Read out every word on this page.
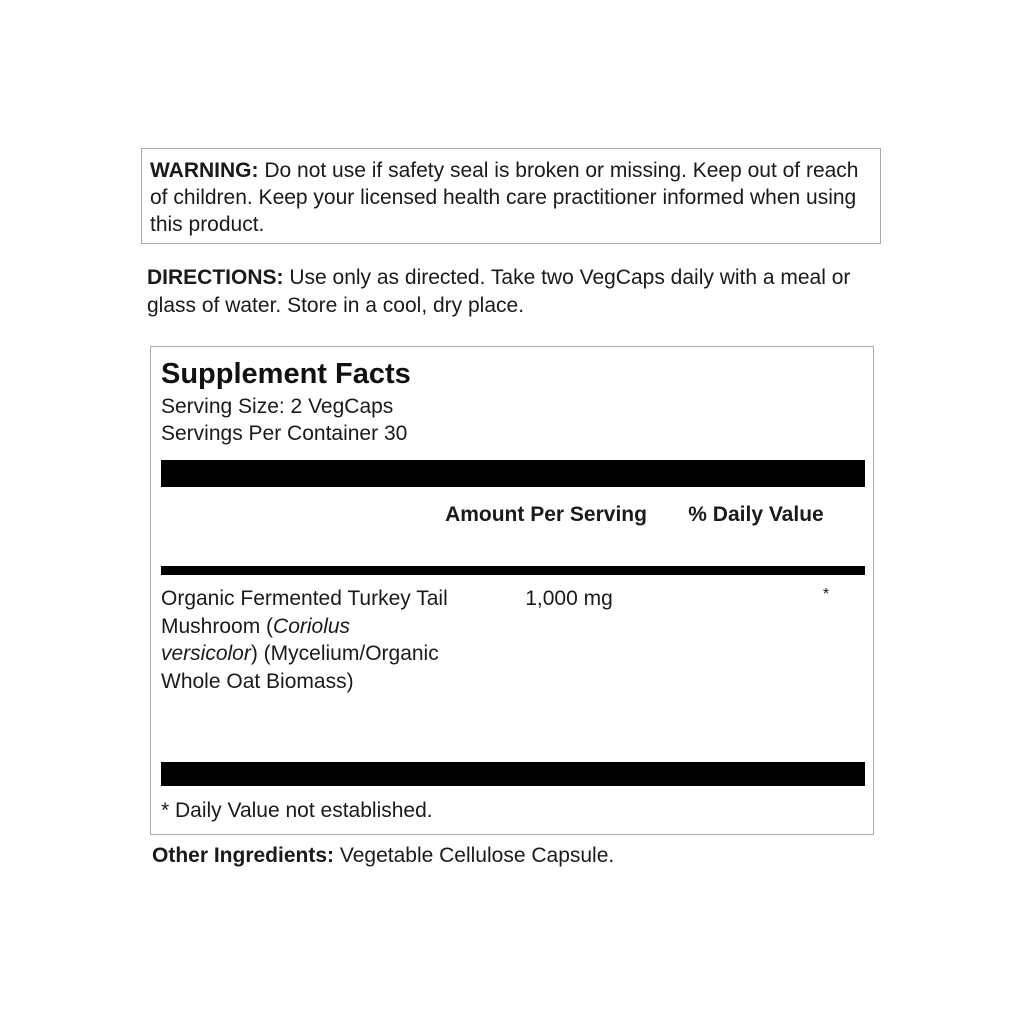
WARNING: Do not use if safety seal is broken or missing. Keep out of reach of children. Keep your licensed health care practitioner informed when using this product.
DIRECTIONS: Use only as directed. Take two VegCaps daily with a meal or glass of water. Store in a cool, dry place.
Supplement Facts
Serving Size: 2 VegCaps
Servings Per Container 30
Amount Per Serving	% Daily Value
Organic Fermented Turkey Tail Mushroom (Coriolus versicolor) (Mycelium/Organic Whole Oat Biomass)
1,000 mg	*
* Daily Value not established.
Other Ingredients: Vegetable Cellulose Capsule.
